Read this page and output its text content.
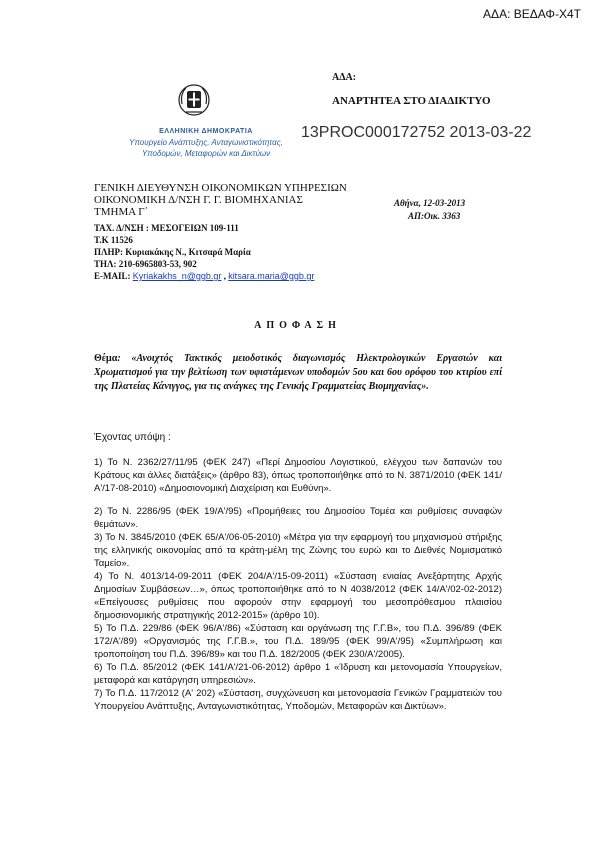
ΑΔΑ: ΒΕΔΑΦ-Χ4Τ
ΑΔΑ:
ΑΝΑΡΤΗΤΕΑ ΣΤΟ ΔΙΑΔΙΚΤΥΟ
ΕΛΛΗΝΙΚΗ ΔΗΜΟΚΡΑΤΙΑ
Υπουργείο Ανάπτυξης, Ανταγωνιστικότητας,
Υποδομών, Μεταφορών και Δικτύων
13PROC000172752 2013-03-22
ΓΕΝΙΚΗ ΔΙΕΥΘΥΝΣΗ ΟΙΚΟΝΟΜΙΚΩΝ ΥΠΗΡΕΣΙΩΝ
ΟΙΚΟΝΟΜΙΚΗ Δ/ΝΣΗ Γ. Γ. ΒΙΟΜΗΧΑΝΙΑΣ
ΤΜΗΜΑ Γ΄
Αθήνα, 12-03-2013
ΑΠ:Οικ. 3363
ΤΑΧ. Δ/ΝΣΗ : ΜΕΣΟΓΕΙΩΝ 109-111
Τ.Κ 11526
ΠΛΗΡ: Κυριακάκης Ν., Κιτσαρά Μαρία
ΤΗΛ: 210-6965803-53, 902
E-MAIL: Kyriakakhs_n@ggb.gr , kitsara.maria@ggb.gr
ΑΠΟΦΑΣΗ
Θέμα: «Ανοιχτός Τακτικός μειοδοτικός διαγωνισμός Ηλεκτρολογικών Εργασιών και Χρωματισμού για την βελτίωση των υφιστάμενων υποδομών 5ου και 6ου ορόφου του κτιρίου επί της Πλατείας Κάνιγγος, για τις ανάγκες της Γενικής Γραμματείας Βιομηχανίας».
Έχοντας υπόψη :

1) Το Ν. 2362/27/11/95 (ΦΕΚ 247) «Περί Δημοσίου Λογιστικού, ελέγχου των δαπανών του Κράτους και άλλες διατάξεις» (άρθρο 83), όπως τροποποιήθηκε από το Ν. 3871/2010 (ΦΕΚ 141/Α'/17-08-2010) «Δημοσιονομική Διαχείριση και Ευθύνη».

2) Το Ν. 2286/95 (ΦΕΚ 19/Α'/95) «Προμήθειες του Δημοσίου Τομέα και ρυθμίσεις συναφών θεμάτων».

3) Το Ν. 3845/2010 (ΦΕΚ 65/Α'/06-05-2010) «Μέτρα για την εφαρμογή του μηχανισμού στήριξης της ελληνικής οικονομίας από τα κράτη-μέλη της Ζώνης του ευρώ και το Διεθνές Νομισματικό Ταμείο».

4) Το Ν. 4013/14-09-2011 (ΦΕΚ 204/Α'/15-09-2011) «Σύσταση ενιαίας Ανεξάρτητης Αρχής Δημοσίων Συμβάσεων…», όπως τροποποιήθηκε από το Ν 4038/2012 (ΦΕΚ 14/Α'/02-02-2012) «Επείγουσες ρυθμίσεις που αφορούν στην εφαρμογή του μεσοπρόθεσμου πλαισίου δημοσιονομικής στρατηγικής 2012-2015» (άρθρο 10).

5) Το Π.Δ. 229/86 (ΦΕΚ 96/Α'/86) «Σύσταση και οργάνωση της Γ.Γ.Β», του Π.Δ. 396/89 (ΦΕΚ 172/Α'/89) «Οργανισμός της Γ.Γ.Β.», του Π.Δ. 189/95 (ΦΕΚ 99/Α'/95) «Συμπλήρωση και τροποποίηση του Π.Δ. 396/89» και του Π.Δ. 182/2005 (ΦΕΚ 230/Α'/2005).

6) Το Π.Δ. 85/2012 (ΦΕΚ 141/Α'/21-06-2012) άρθρο 1 «Ίδρυση και μετονομασία Υπουργείων, μεταφορά και κατάργηση υπηρεσιών».

7) Το Π.Δ. 117/2012 (Α' 202) «Σύσταση, συγχώνευση και μετονομασία Γενικών Γραμματειών του Υπουργείου Ανάπτυξης, Ανταγωνιστικότητας, Υποδομών, Μεταφορών και Δικτύων».
